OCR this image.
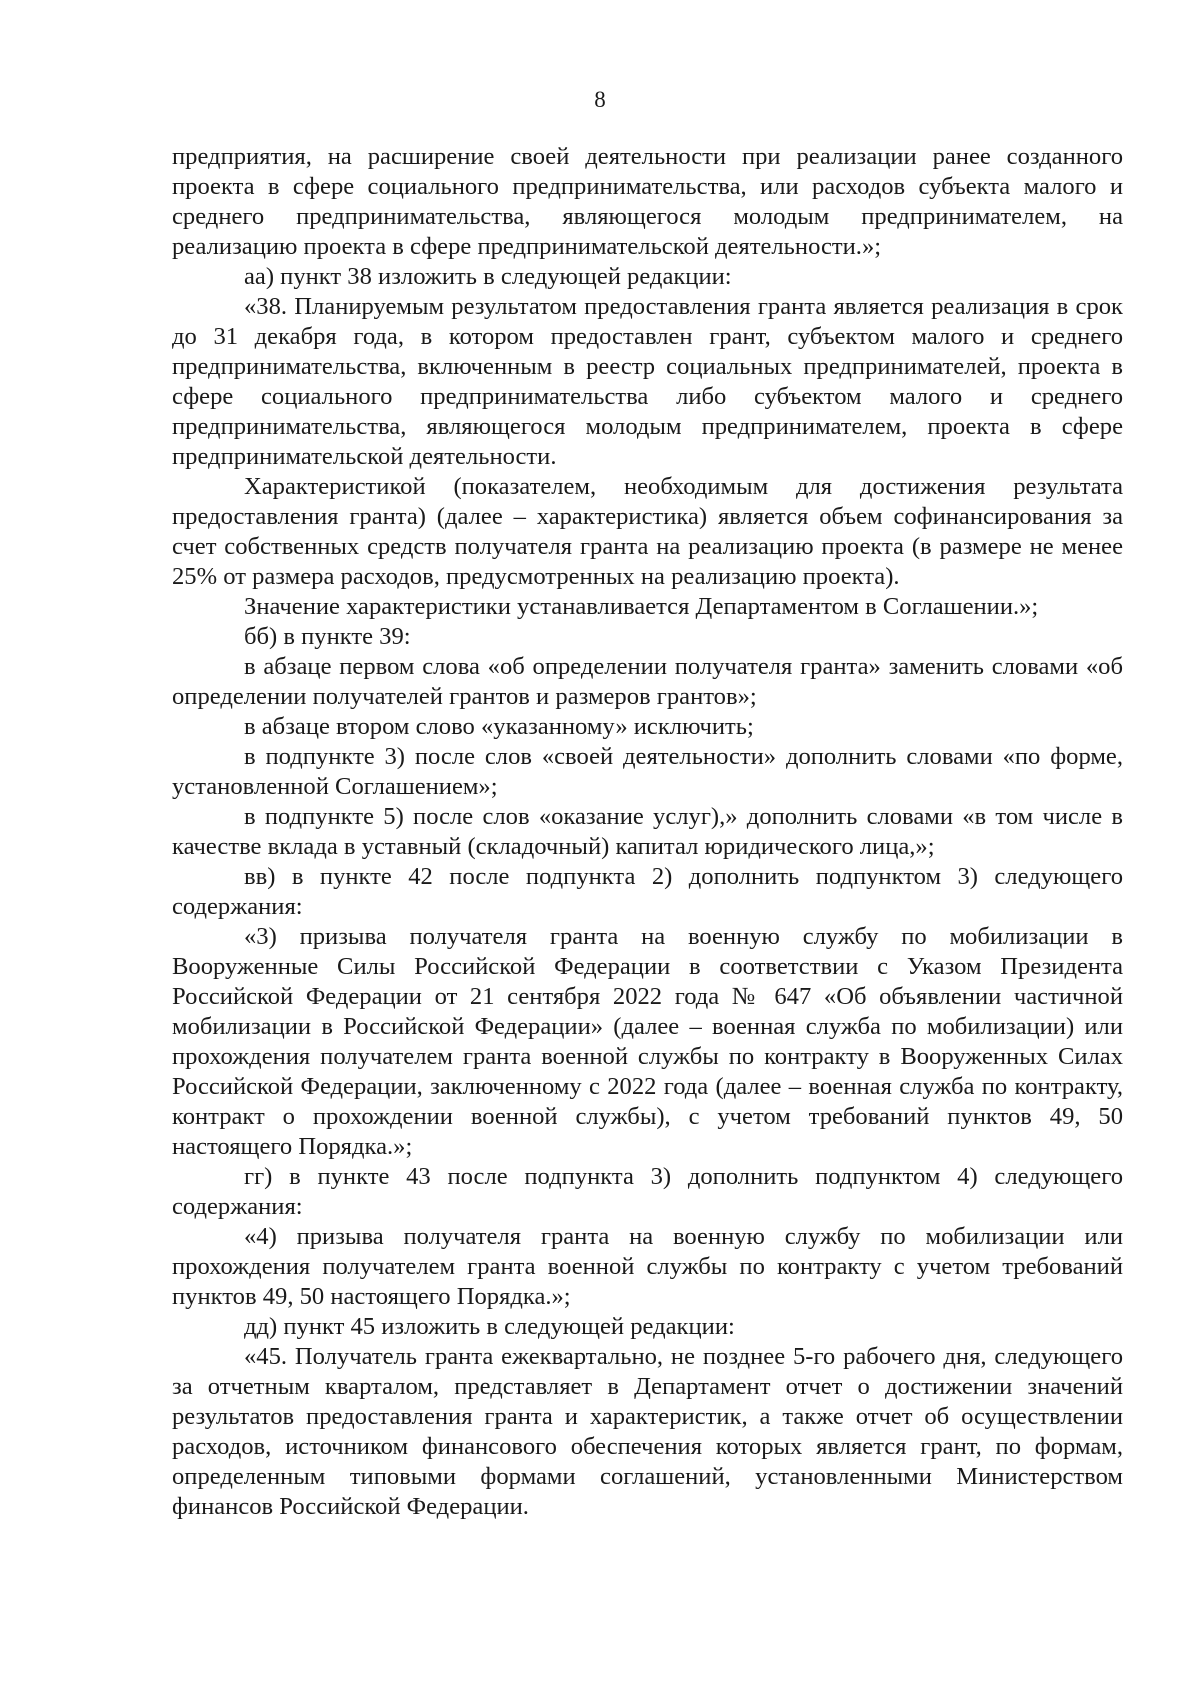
8

предприятия, на расширение своей деятельности при реализации ранее созданного проекта в сфере социального предпринимательства, или расходов субъекта малого и среднего предпринимательства, являющегося молодым предпринимателем, на реализацию проекта в сфере предпринимательской деятельности.»;

аа) пункт 38 изложить в следующей редакции:

«38. Планируемым результатом предоставления гранта является реализация в срок до 31 декабря года, в котором предоставлен грант, субъектом малого и среднего предпринимательства, включенным в реестр социальных предпринимателей, проекта в сфере социального предпринимательства либо субъектом малого и среднего предпринимательства, являющегося молодым предпринимателем, проекта в сфере предпринимательской деятельности.

Характеристикой (показателем, необходимым для достижения результата предоставления гранта) (далее – характеристика) является объем софинансирования за счет собственных средств получателя гранта на реализацию проекта (в размере не менее 25% от размера расходов, предусмотренных на реализацию проекта).

Значение характеристики устанавливается Департаментом в Соглашении.»;

бб) в пункте 39:

в абзаце первом слова «об определении получателя гранта» заменить словами «об определении получателей грантов и размеров грантов»;

в абзаце втором слово «указанному» исключить;

в подпункте 3) после слов «своей деятельности» дополнить словами «по форме, установленной Соглашением»;

в подпункте 5) после слов «оказание услуг),» дополнить словами «в том числе в качестве вклада в уставный (складочный) капитал юридического лица,»;

вв) в пункте 42 после подпункта 2) дополнить подпунктом 3) следующего содержания:

«3) призыва получателя гранта на военную службу по мобилизации в Вооруженные Силы Российской Федерации в соответствии с Указом Президента Российской Федерации от 21 сентября 2022 года № 647 «Об объявлении частичной мобилизации в Российской Федерации» (далее – военная служба по мобилизации) или прохождения получателем гранта военной службы по контракту в Вооруженных Силах Российской Федерации, заключенному с 2022 года (далее – военная служба по контракту, контракт о прохождении военной службы), с учетом требований пунктов 49, 50 настоящего Порядка.»;

гг) в пункте 43 после подпункта 3) дополнить подпунктом 4) следующего содержания:

«4) призыва получателя гранта на военную службу по мобилизации или прохождения получателем гранта военной службы по контракту с учетом требований пунктов 49, 50 настоящего Порядка.»;

дд) пункт 45 изложить в следующей редакции:

«45. Получатель гранта ежеквартально, не позднее 5-го рабочего дня, следующего за отчетным кварталом, представляет в Департамент отчет о достижении значений результатов предоставления гранта и характеристик, а также отчет об осуществлении расходов, источником финансового обеспечения которых является грант, по формам, определенным типовыми формами соглашений, установленными Министерством финансов Российской Федерации.
